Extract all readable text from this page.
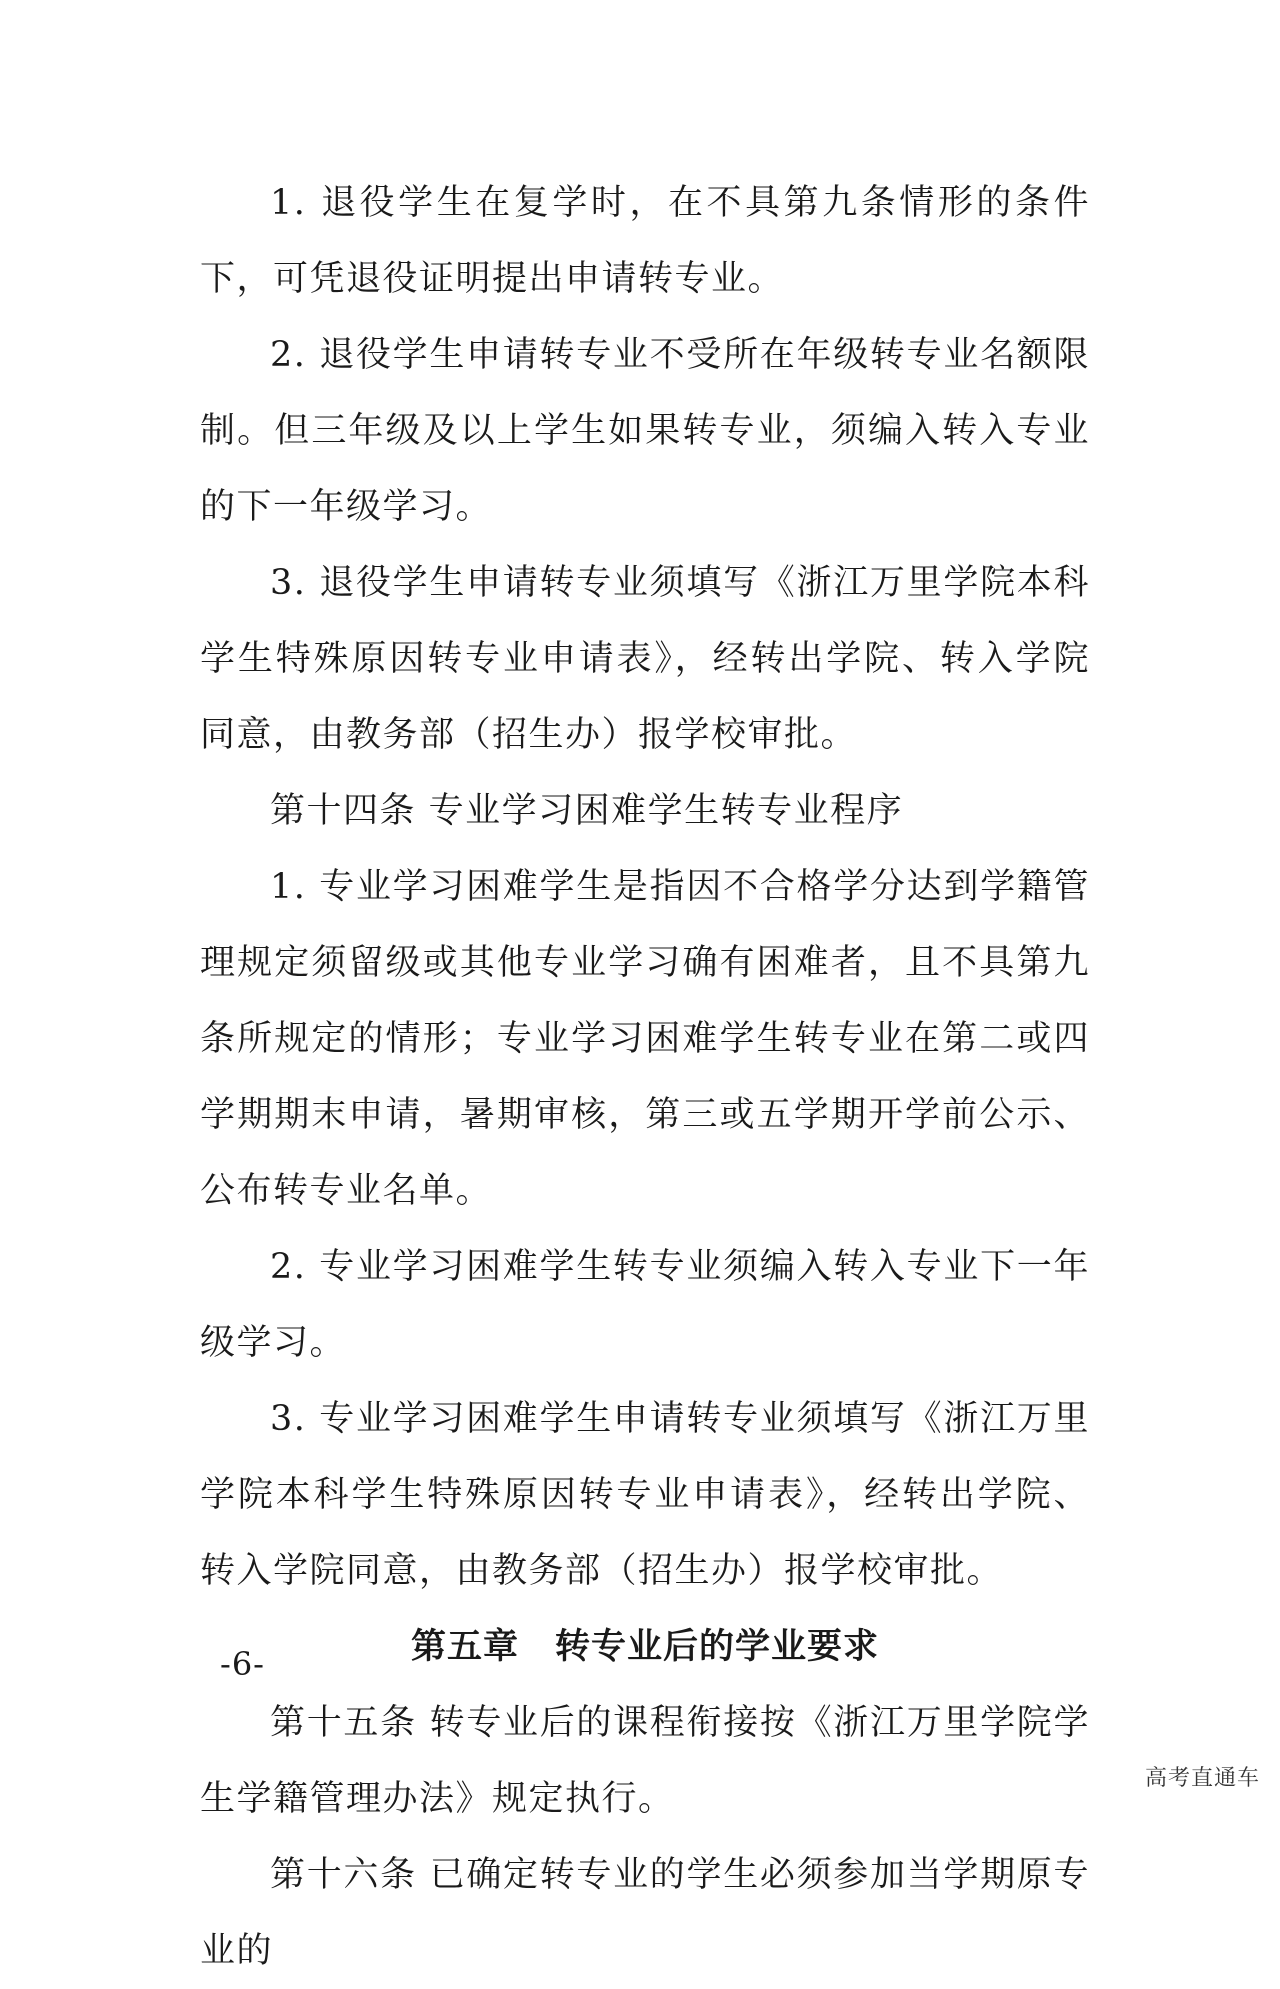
1. 退役学生在复学时，在不具第九条情形的条件下，可凭退役证明提出申请转专业。

2. 退役学生申请转专业不受所在年级转专业名额限制。但三年级及以上学生如果转专业，须编入转入专业的下一年级学习。

3. 退役学生申请转专业须填写《浙江万里学院本科学生特殊原因转专业申请表》，经转出学院、转入学院同意，由教务部（招生办）报学校审批。

第十四条 专业学习困难学生转专业程序

1. 专业学习困难学生是指因不合格学分达到学籍管理规定须留级或其他专业学习确有困难者，且不具第九条所规定的情形；专业学习困难学生转专业在第二或四学期期末申请，暑期审核，第三或五学期开学前公示、公布转专业名单。

2. 专业学习困难学生转专业须编入转入专业下一年级学习。

3. 专业学习困难学生申请转专业须填写《浙江万里学院本科学生特殊原因转专业申请表》，经转出学院、转入学院同意，由教务部（招生办）报学校审批。

第五章　转专业后的学业要求

第十五条 转专业后的课程衔接按《浙江万里学院学生学籍管理办法》规定执行。

第十六条 已确定转专业的学生必须参加当学期原专业的

-6-
高考直通车
